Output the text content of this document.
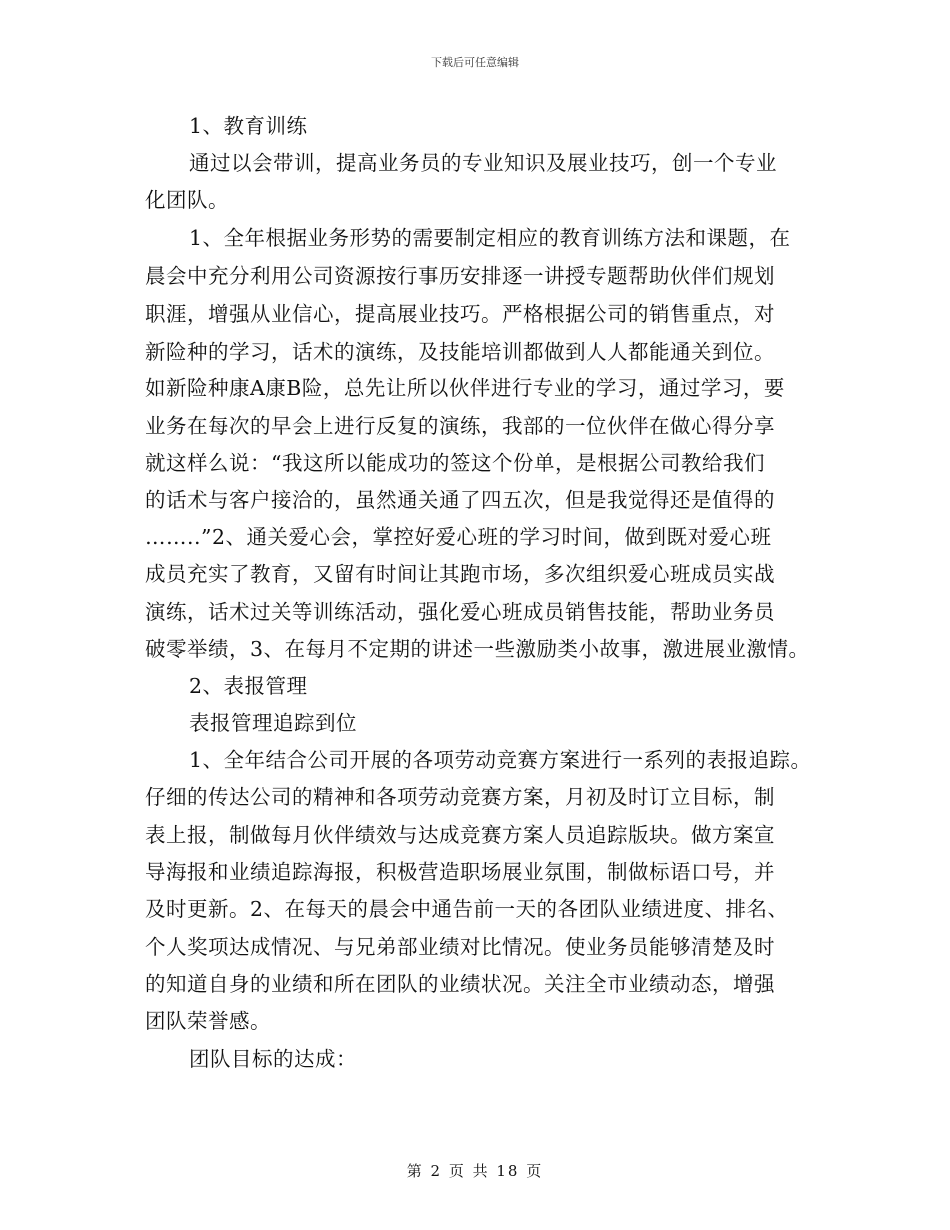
下载后可任意编辑
1、教育训练
通过以会带训，提高业务员的专业知识及展业技巧，创一个专业
化团队。
1、全年根据业务形势的需要制定相应的教育训练方法和课题，在
晨会中充分利用公司资源按行事历安排逐一讲授专题帮助伙伴们规划
职涯，增强从业信心，提高展业技巧。严格根据公司的销售重点，对
新险种的学习，话术的演练，及技能培训都做到人人都能通关到位。
如新险种康A康B险，总先让所以伙伴进行专业的学习，通过学习，要
业务在每次的早会上进行反复的演练，我部的一位伙伴在做心得分享
就这样么说：“我这所以能成功的签这个份单，是根据公司教给我们
的话术与客户接洽的，虽然通关通了四五次，但是我觉得还是值得的
……..”2、通关爱心会，掌控好爱心班的学习时间，做到既对爱心班
成员充实了教育，又留有时间让其跑市场，多次组织爱心班成员实战
演练，话术过关等训练活动，强化爱心班成员销售技能，帮助业务员
破零举绩，3、在每月不定期的讲述一些激励类小故事，激进展业激情。
2、表报管理
表报管理追踪到位
1、全年结合公司开展的各项劳动竞赛方案进行一系列的表报追踪。
仔细的传达公司的精神和各项劳动竞赛方案，月初及时订立目标，制
表上报，制做每月伙伴绩效与达成竞赛方案人员追踪版块。做方案宣
导海报和业绩追踪海报，积极营造职场展业氛围，制做标语口号，并
及时更新。2、在每天的晨会中通告前一天的各团队业绩进度、排名、
个人奖项达成情况、与兄弟部业绩对比情况。使业务员能够清楚及时
的知道自身的业绩和所在团队的业绩状况。关注全市业绩动态，增强
团队荣誉感。
团队目标的达成：
第 2 页 共 18 页
